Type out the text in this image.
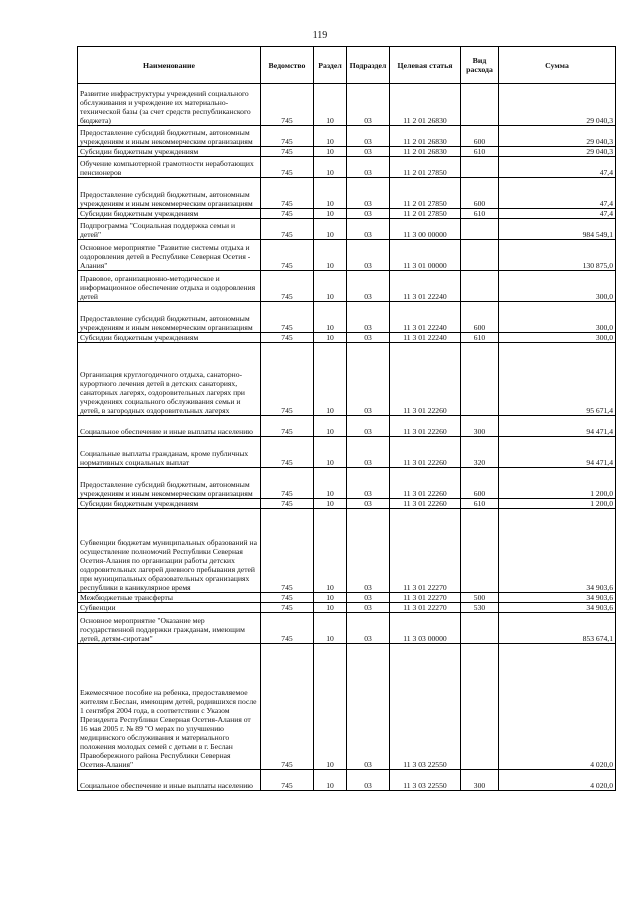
119
Наименование	Ведомство	Раздел	Подраздел	Целевая статья	Вид расхода	Сумма
Развитие инфраструктуры учреждений социального обслуживания и учреждение их материально-технической базы (за счет средств республиканского бюджета)	745	10	03	11 2 01 26830		29 040,3
Предоставление субсидий бюджетным, автономным учреждениям и иным некоммерческим организациям	745	10	03	11 2 01 26830	600	29 040,3
Субсидии бюджетным учреждениям	745	10	03	11 2 01 26830	610	29 040,3
Обучение компьютерной грамотности неработающих пенсионеров	745	10	03	11 2 01 27850		47,4
Предоставление субсидий бюджетным, автономным учреждениям и иным некоммерческим организациям	745	10	03	11 2 01 27850	600	47,4
Субсидии бюджетным учреждениям	745	10	03	11 2 01 27850	610	47,4
Подпрограмма "Социальная поддержка семьи и детей"	745	10	03	11 3 00 00000		984 549,1
Основное мероприятие "Развитие системы отдыха и оздоровления детей в Республике Северная Осетия - Алания"	745	10	03	11 3 01 00000		130 875,0
Правовое, организационно-методическое и информационное обеспечение отдыха и оздоровления детей	745	10	03	11 3 01 22240		300,0
Предоставление субсидий бюджетным, автономным учреждениям и иным некоммерческим организациям	745	10	03	11 3 01 22240	600	300,0
Субсидии бюджетным учреждениям	745	10	03	11 3 01 22240	610	300,0
Организация круглогодичного отдыха, санаторно-курортного лечения детей в детских санаториях, санаторных лагерях, оздоровительных лагерях при учреждениях социального обслуживания семьи и детей, в загородных оздоровительных лагерях	745	10	03	11 3 01 22260		95 671,4
Социальное обеспечение и иные выплаты населению	745	10	03	11 3 01 22260	300	94 471,4
Социальные выплаты гражданам, кроме публичных нормативных социальных выплат	745	10	03	11 3 01 22260	320	94 471,4
Предоставление субсидий бюджетным, автономным учреждениям и иным некоммерческим организациям	745	10	03	11 3 01 22260	600	1 200,0
Субсидии бюджетным учреждениям	745	10	03	11 3 01 22260	610	1 200,0
Субвенции бюджетам муниципальных образований на осуществление полномочий Республики Северная Осетия-Алания по организации работы детских оздоровительных лагерей дневного пребывания детей при муниципальных образовательных организациях республики в каникулярное время	745	10	03	11 3 01 22270		34 903,6
Межбюджетные трансферты	745	10	03	11 3 01 22270	500	34 903,6
Субвенции	745	10	03	11 3 01 22270	530	34 903,6
Основное мероприятие "Оказание мер государственной поддержки гражданам, имеющим детей, детям-сиротам"	745	10	03	11 3 03 00000		853 674,1
Ежемесячное пособие на ребенка, предоставляемое жителям г.Беслан, имеющим детей, родившихся после 1 сентября 2004 года, в соответствии с Указом Президента Республики Северная Осетия-Алания от 16 мая 2005 г. № 89 "О мерах по улучшению медицинского обслуживания и материального положения молодых семей с детьми в г. Беслан Правобережного района Республики Северная Осетия-Алания"	745	10	03	11 3 03 22550		4 020,0
Социальное обеспечение и иные выплаты населению	745	10	03	11 3 03 22550	300	4 020,0
